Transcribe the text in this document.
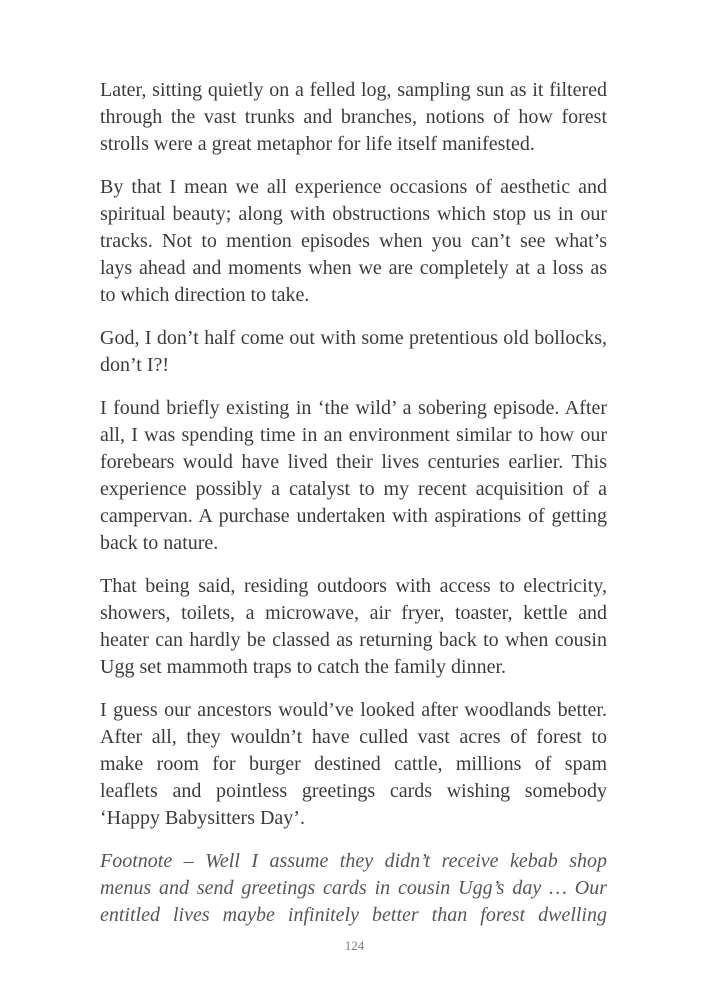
Later, sitting quietly on a felled log, sampling sun as it filtered
through the vast trunks and branches, notions of how forest
strolls were a great metaphor for life itself manifested.

By that I mean we all experience occasions of aesthetic and
spiritual beauty; along with obstructions which stop us in our
tracks. Not to mention episodes when you can’t see what’s
lays ahead and moments when we are completely at a loss as
to which direction to take.

God, I don’t half come out with some pretentious old bollocks,
don’t I?!

I found briefly existing in ‘the wild’ a sobering episode. After
all, I was spending time in an environment similar to how our
forebears would have lived their lives centuries earlier. This
experience possibly a catalyst to my recent acquisition of a
campervan. A purchase undertaken with aspirations of getting
back to nature.

That being said, residing outdoors with access to electricity,
showers, toilets, a microwave, air fryer, toaster, kettle and
heater can hardly be classed as returning back to when cousin
Ugg set mammoth traps to catch the family dinner.

I guess our ancestors would’ve looked after woodlands better.
After all, they wouldn’t have culled vast acres of forest to
make room for burger destined cattle, millions of spam
leaflets and pointless greetings cards wishing somebody
‘Happy Babysitters Day’.

Footnote – Well I assume they didn’t receive kebab shop
menus and send greetings cards in cousin Ugg’s day … Our
entitled lives maybe infinitely better than forest dwelling

124
